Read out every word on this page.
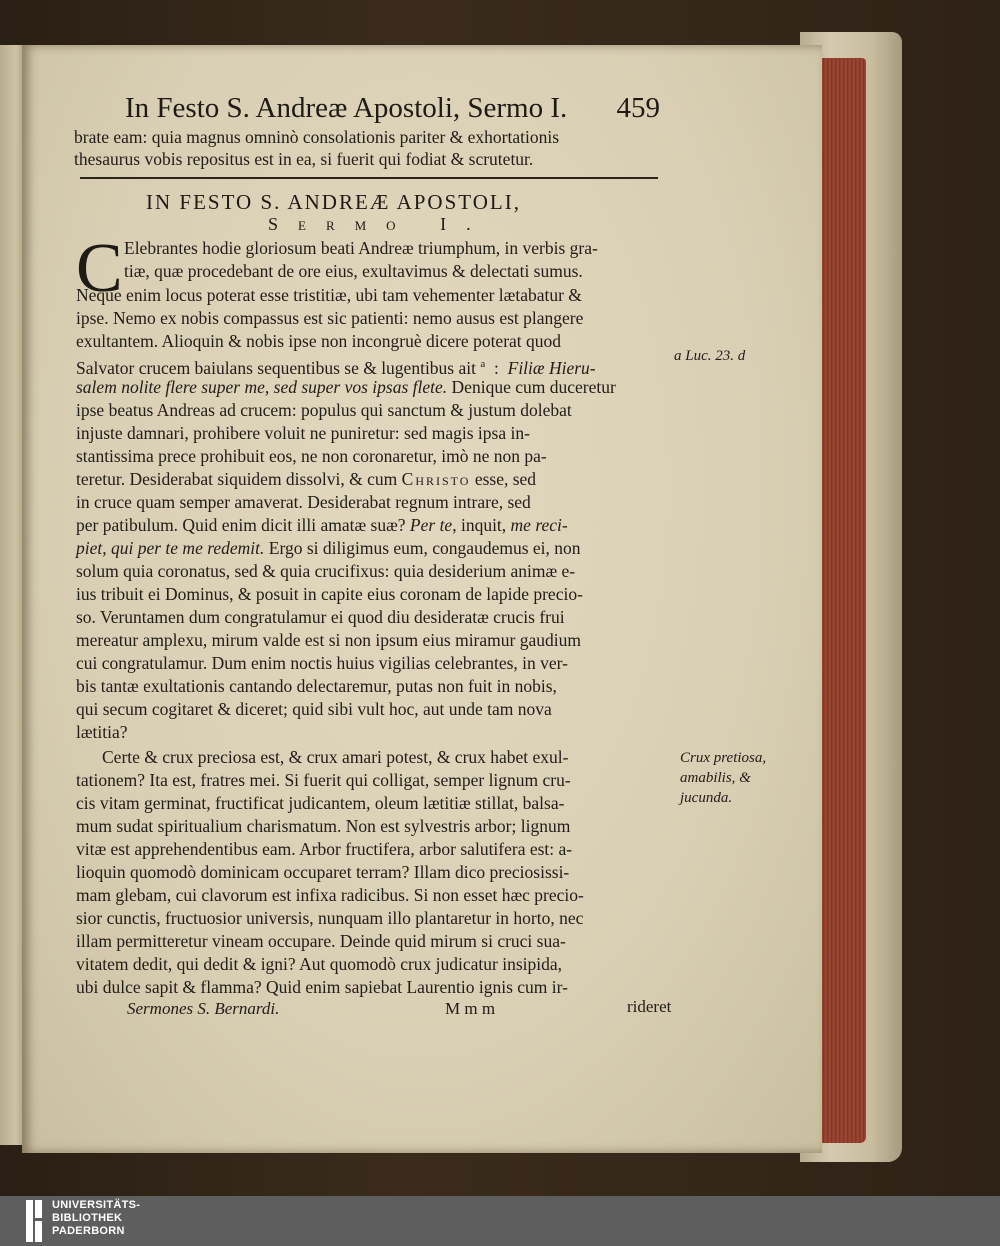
In Festo S. Andreæ Apostoli, Sermo I. 459
brate eam: quia magnus omninò consolationis pariter & exhortationis
thesaurus vobis repositus est in ea, si fuerit qui fodiat & scrutetur.
IN FESTO S. ANDREÆ APOSTOLI,
Sermo I.
C Elebrantes hodie gloriosum beati Andreæ triumphum, in verbis gra-
tiæ, quæ procedebant de ore eius, exultavimus & delectati sumus.
Neque enim locus poterat esse tristitiæ, ubi tam vehementer lætabatur &
ipse. Nemo ex nobis compassus est sic patienti: nemo ausus est plangere
exultantem. Alioquin & nobis ipse non incongruè dicere poterat quod
Salvator crucem baiulans sequentibus se & lugentibus ait $^a$  :  Filiæ Hieru-
salem nolite flere super me, sed super vos ipsas flete. Denique cum duceretur
ipse beatus Andreas ad crucem: populus qui sanctum & justum dolebat
injuste damnari, prohibere voluit ne puniretur: sed magis ipsa in-
stantissima prece prohibuit eos, ne non coronaretur, imò ne non pa-
teretur. Desiderabat siquidem dissolvi, & cum Christo esse, sed
in cruce quam semper amaverat. Desiderabat regnum intrare, sed
per patibulum. Quid enim dicit illi amatæ suæ? Per te, inquit, me reci-
piet, qui per te me redemit. Ergo si diligimus eum, congaudemus ei, non
solum quia coronatus, sed & quia crucifixus: quia desiderium animæ e-
ius tribuit ei Dominus, & posuit in capite eius coronam de lapide precio-
so. Veruntamen dum congratulamur ei quod diu desideratæ crucis frui
mereatur amplexu, mirum valde est si non ipsum eius miramur gaudium
cui congratulamur. Dum enim noctis huius vigilias celebrantes, in ver-
bis tantæ exultationis cantando delectaremur, putas non fuit in nobis,
qui secum cogitaret & diceret; quid sibi vult hoc, aut unde tam nova
lætitia?
Certe & crux preciosa est, & crux amari potest, & crux habet exul-
tationem? Ita est, fratres mei. Si fuerit qui colligat, semper lignum cru-
cis vitam germinat, fructificat judicantem, oleum lætitiæ stillat, balsa-
mum sudat spiritualium charismatum. Non est sylvestris arbor; lignum
vitæ est apprehendentibus eam. Arbor fructifera, arbor salutifera est: a-
lioquin quomodò dominicam occuparet terram? Illam dico preciosissi-
mam glebam, cui clavorum est infixa radicibus. Si non esset hæc precio-
sior cunctis, fructuosior universis, nunquam illo plantaretur in horto, nec
illam permitteretur vineam occupare. Deinde quid mirum si cruci sua-
vitatem dedit, qui dedit & igni? Aut quomodò crux judicatur insipida,
ubi dulce sapit & flamma? Quid enim sapiebat Laurentio ignis cum ir-
a Luc. 23. d
Crux pretiosa,
amabilis, &
jucunda.
Sermones S. Bernardi.	M m m	rideret
UNIVERSITÄTS-
BIBLIOTHEK
PADERBORN
